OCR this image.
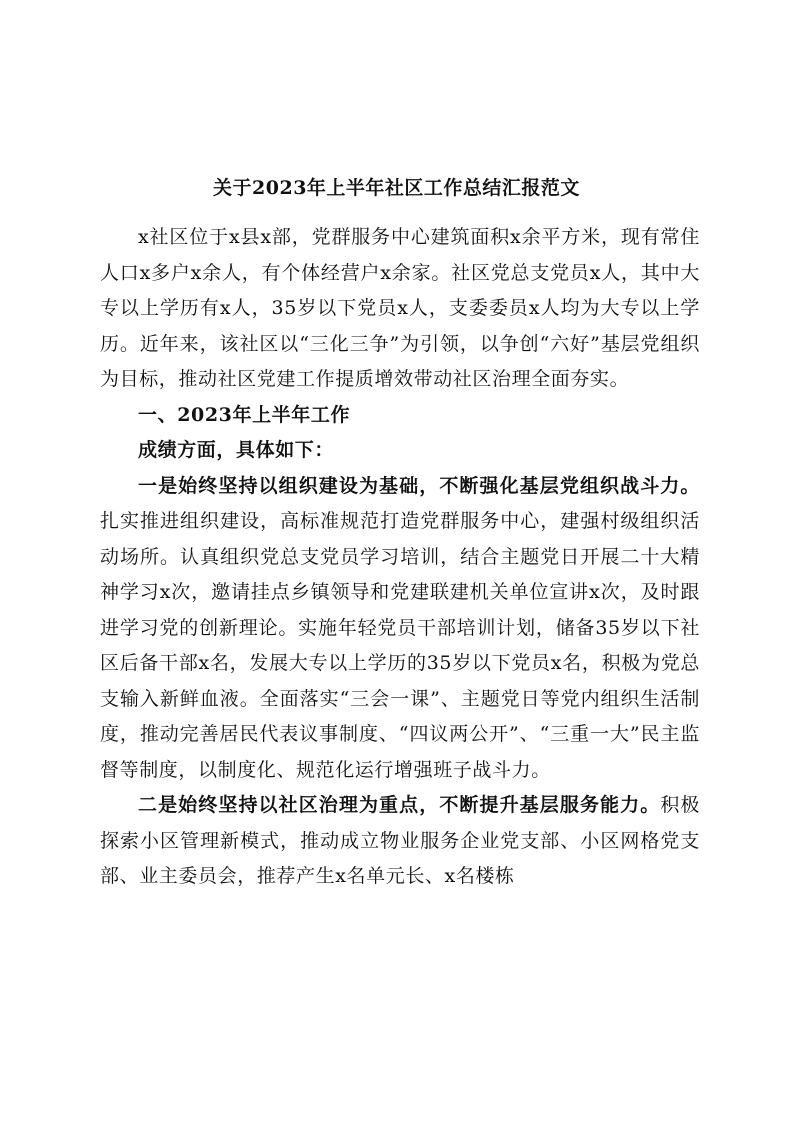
关于2023年上半年社区工作总结汇报范文

x社区位于x县x部，党群服务中心建筑面积x余平方米，现有常住人口x多户x余人，有个体经营户x余家。社区党总支党员x人，其中大专以上学历有x人，35岁以下党员x人，支委委员x人均为大专以上学历。近年来，该社区以“三化三争”为引领，以争创“六好”基层党组织为目标，推动社区党建工作提质增效带动社区治理全面夯实。

一、2023年上半年工作

成绩方面，具体如下：

一是始终坚持以组织建设为基础，不断强化基层党组织战斗力。扎实推进组织建设，高标准规范打造党群服务中心，建强村级组织活动场所。认真组织党总支党员学习培训，结合主题党日开展二十大精神学习x次，邀请挂点乡镇领导和党建联建机关单位宣讲x次，及时跟进学习党的创新理论。实施年轻党员干部培训计划，储备35岁以下社区后备干部x名，发展大专以上学历的35岁以下党员x名，积极为党总支输入新鲜血液。全面落实“三会一课”、主题党日等党内组织生活制度，推动完善居民代表议事制度、“四议两公开”、“三重一大”民主监督等制度，以制度化、规范化运行增强班子战斗力。

二是始终坚持以社区治理为重点，不断提升基层服务能力。积极探索小区管理新模式，推动成立物业服务企业党支部、小区网格党支部、业主委员会，推荐产生x名单元长、x名楼栋
